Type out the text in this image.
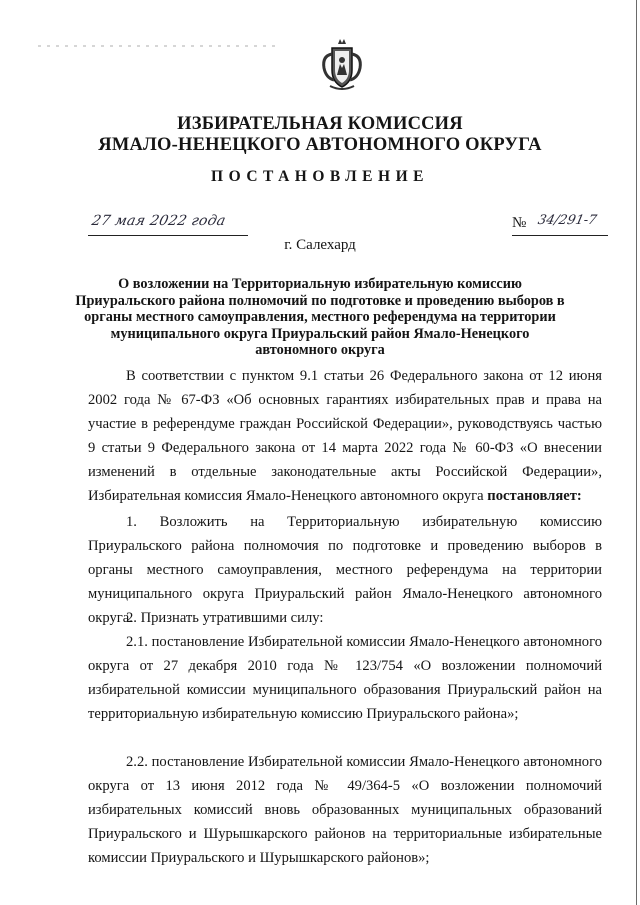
ИЗБИРАТЕЛЬНАЯ КОМИССИЯ
ЯМАЛО-НЕНЕЦКОГО АВТОНОМНОГО ОКРУГА
ПОСТАНОВЛЕНИЕ
27 мая 2022 года	№ 34/291-7
г. Салехард
О возложении на Территориальную избирательную комиссию Приуральского района полномочий по подготовке и проведению выборов в органы местного самоуправления, местного референдума на территории муниципального округа Приуральский район Ямало-Ненецкого автономного округа

В соответствии с пунктом 9.1 статьи 26 Федерального закона от 12 июня 2002 года № 67-ФЗ «Об основных гарантиях избирательных прав и права на участие в референдуме граждан Российской Федерации», руководствуясь частью 9 статьи 9 Федерального закона от 14 марта 2022 года № 60-ФЗ «О внесении изменений в отдельные законодательные акты Российской Федерации», Избирательная комиссия Ямало-Ненецкого автономного округа постановляет:

1. Возложить на Территориальную избирательную комиссию Приуральского района полномочия по подготовке и проведению выборов в органы местного самоуправления, местного референдума на территории муниципального округа Приуральский район Ямало-Ненецкого автономного округа.

2. Признать утратившими силу:

2.1. постановление Избирательной комиссии Ямало-Ненецкого автономного округа от 27 декабря 2010 года № 123/754 «О возложении полномочий избирательной комиссии муниципального образования Приуральский район на территориальную избирательную комиссию Приуральского района»;

2.2. постановление Избирательной комиссии Ямало-Ненецкого автономного округа от 13 июня 2012 года № 49/364-5 «О возложении полномочий избирательных комиссий вновь образованных муниципальных образований Приуральского и Шурышкарского районов на территориальные избирательные комиссии Приуральского и Шурышкарского районов»;
